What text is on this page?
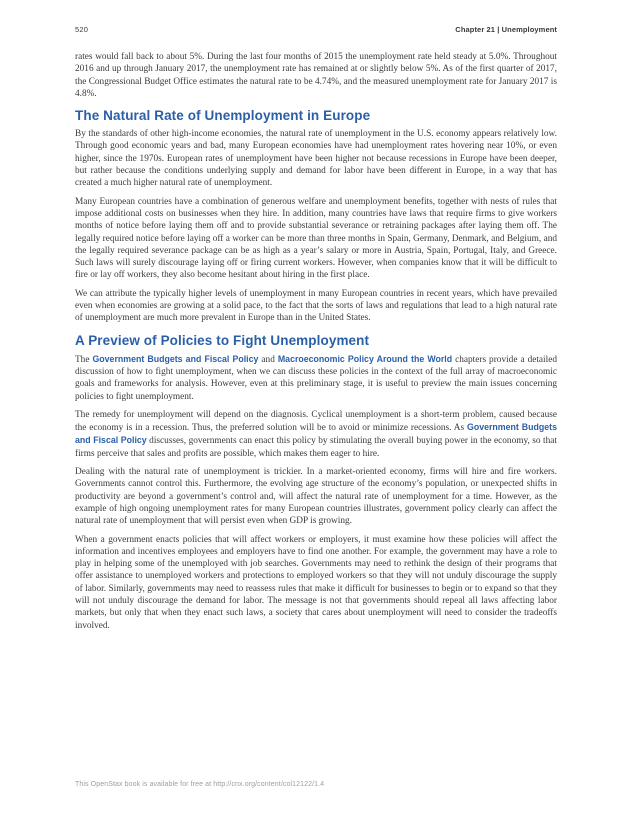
520	Chapter 21 | Unemployment

rates would fall back to about 5%. During the last four months of 2015 the unemployment rate held steady at 5.0%. Throughout 2016 and up through January 2017, the unemployment rate has remained at or slightly below 5%. As of the first quarter of 2017, the Congressional Budget Office estimates the natural rate to be 4.74%, and the measured unemployment rate for January 2017 is 4.8%.

The Natural Rate of Unemployment in Europe

By the standards of other high-income economies, the natural rate of unemployment in the U.S. economy appears relatively low. Through good economic years and bad, many European economies have had unemployment rates hovering near 10%, or even higher, since the 1970s. European rates of unemployment have been higher not because recessions in Europe have been deeper, but rather because the conditions underlying supply and demand for labor have been different in Europe, in a way that has created a much higher natural rate of unemployment.

Many European countries have a combination of generous welfare and unemployment benefits, together with nests of rules that impose additional costs on businesses when they hire. In addition, many countries have laws that require firms to give workers months of notice before laying them off and to provide substantial severance or retraining packages after laying them off. The legally required notice before laying off a worker can be more than three months in Spain, Germany, Denmark, and Belgium, and the legally required severance package can be as high as a year’s salary or more in Austria, Spain, Portugal, Italy, and Greece. Such laws will surely discourage laying off or firing current workers. However, when companies know that it will be difficult to fire or lay off workers, they also become hesitant about hiring in the first place.

We can attribute the typically higher levels of unemployment in many European countries in recent years, which have prevailed even when economies are growing at a solid pace, to the fact that the sorts of laws and regulations that lead to a high natural rate of unemployment are much more prevalent in Europe than in the United States.

A Preview of Policies to Fight Unemployment

The Government Budgets and Fiscal Policy and Macroeconomic Policy Around the World chapters provide a detailed discussion of how to fight unemployment, when we can discuss these policies in the context of the full array of macroeconomic goals and frameworks for analysis. However, even at this preliminary stage, it is useful to preview the main issues concerning policies to fight unemployment.

The remedy for unemployment will depend on the diagnosis. Cyclical unemployment is a short-term problem, caused because the economy is in a recession. Thus, the preferred solution will be to avoid or minimize recessions. As Government Budgets and Fiscal Policy discusses, governments can enact this policy by stimulating the overall buying power in the economy, so that firms perceive that sales and profits are possible, which makes them eager to hire.

Dealing with the natural rate of unemployment is trickier. In a market-oriented economy, firms will hire and fire workers. Governments cannot control this. Furthermore, the evolving age structure of the economy’s population, or unexpected shifts in productivity are beyond a government’s control and, will affect the natural rate of unemployment for a time. However, as the example of high ongoing unemployment rates for many European countries illustrates, government policy clearly can affect the natural rate of unemployment that will persist even when GDP is growing.

When a government enacts policies that will affect workers or employers, it must examine how these policies will affect the information and incentives employees and employers have to find one another. For example, the government may have a role to play in helping some of the unemployed with job searches. Governments may need to rethink the design of their programs that offer assistance to unemployed workers and protections to employed workers so that they will not unduly discourage the supply of labor. Similarly, governments may need to reassess rules that make it difficult for businesses to begin or to expand so that they will not unduly discourage the demand for labor. The message is not that governments should repeal all laws affecting labor markets, but only that when they enact such laws, a society that cares about unemployment will need to consider the tradeoffs involved.

This OpenStax book is available for free at http://cnx.org/content/col12122/1.4
